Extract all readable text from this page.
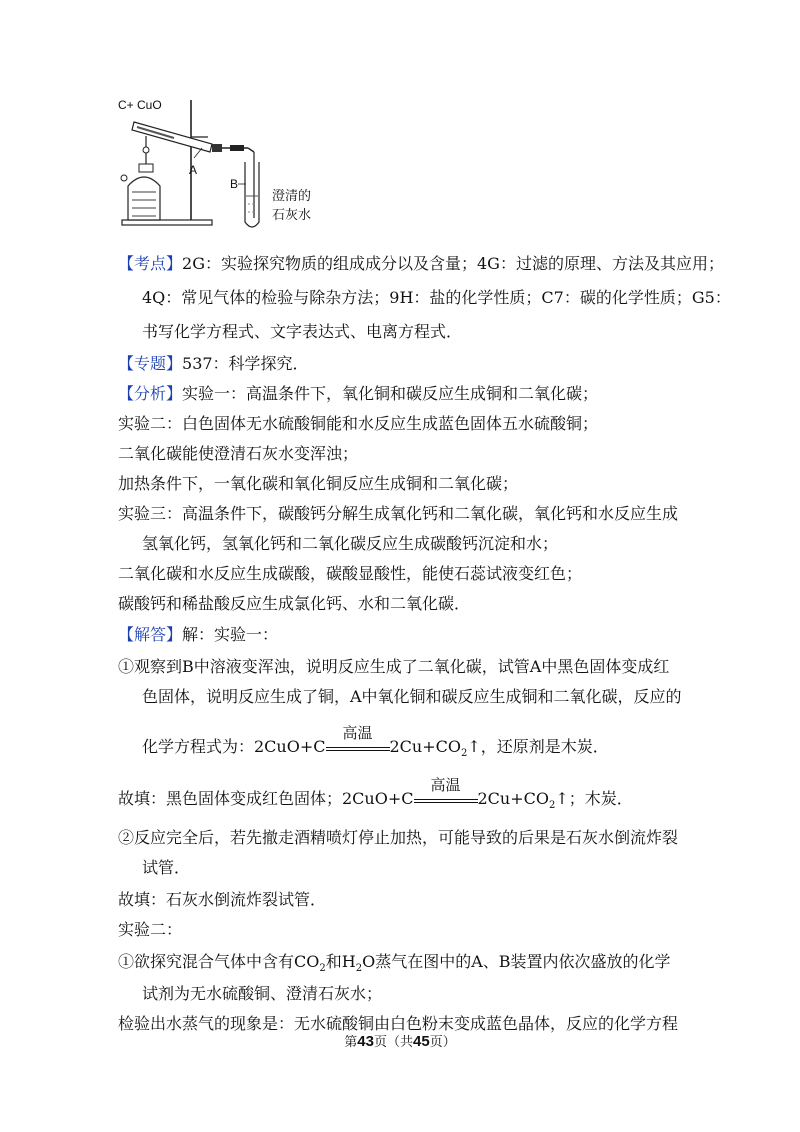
C+ CuO
A
B
澄清的
石灰水
【考点】2G：实验探究物质的组成成分以及含量；4G：过滤的原理、方法及其应用；
4Q：常见气体的检验与除杂方法；9H：盐的化学性质；C7：碳的化学性质；G5：
书写化学方程式、文字表达式、电离方程式．
【专题】537：科学探究．
【分析】实验一：高温条件下，氧化铜和碳反应生成铜和二氧化碳；
实验二：白色固体无水硫酸铜能和水反应生成蓝色固体五水硫酸铜；
二氧化碳能使澄清石灰水变浑浊；
加热条件下，一氧化碳和氧化铜反应生成铜和二氧化碳；
实验三：高温条件下，碳酸钙分解生成氧化钙和二氧化碳，氧化钙和水反应生成
氢氧化钙，氢氧化钙和二氧化碳反应生成碳酸钙沉淀和水；
二氧化碳和水反应生成碳酸，碳酸显酸性，能使石蕊试液变红色；
碳酸钙和稀盐酸反应生成氯化钙、水和二氧化碳．
【解答】解：实验一：
①观察到B中溶液变浑浊，说明反应生成了二氧化碳，试管A中黑色固体变成红
色固体，说明反应生成了铜，A中氧化铜和碳反应生成铜和二氧化碳，反应的
化学方程式为：2CuO+C
高温
$2Cu+CO_2↑$，还原剂是木炭．
故填：黑色固体变成红色固体；2CuO+C
高温
$2Cu+CO_2↑$；木炭．
②反应完全后，若先撤走酒精喷灯停止加热，可能导致的后果是石灰水倒流炸裂
试管．
故填：石灰水倒流炸裂试管．
实验二：
①欲探究混合气体中含有$CO_2$和$H_2O$蒸气在图中的A、B装置内依次盛放的化学
试剂为无水硫酸铜、澄清石灰水；
检验出水蒸气的现象是：无水硫酸铜由白色粉末变成蓝色晶体，反应的化学方程
第43页（共45页）
